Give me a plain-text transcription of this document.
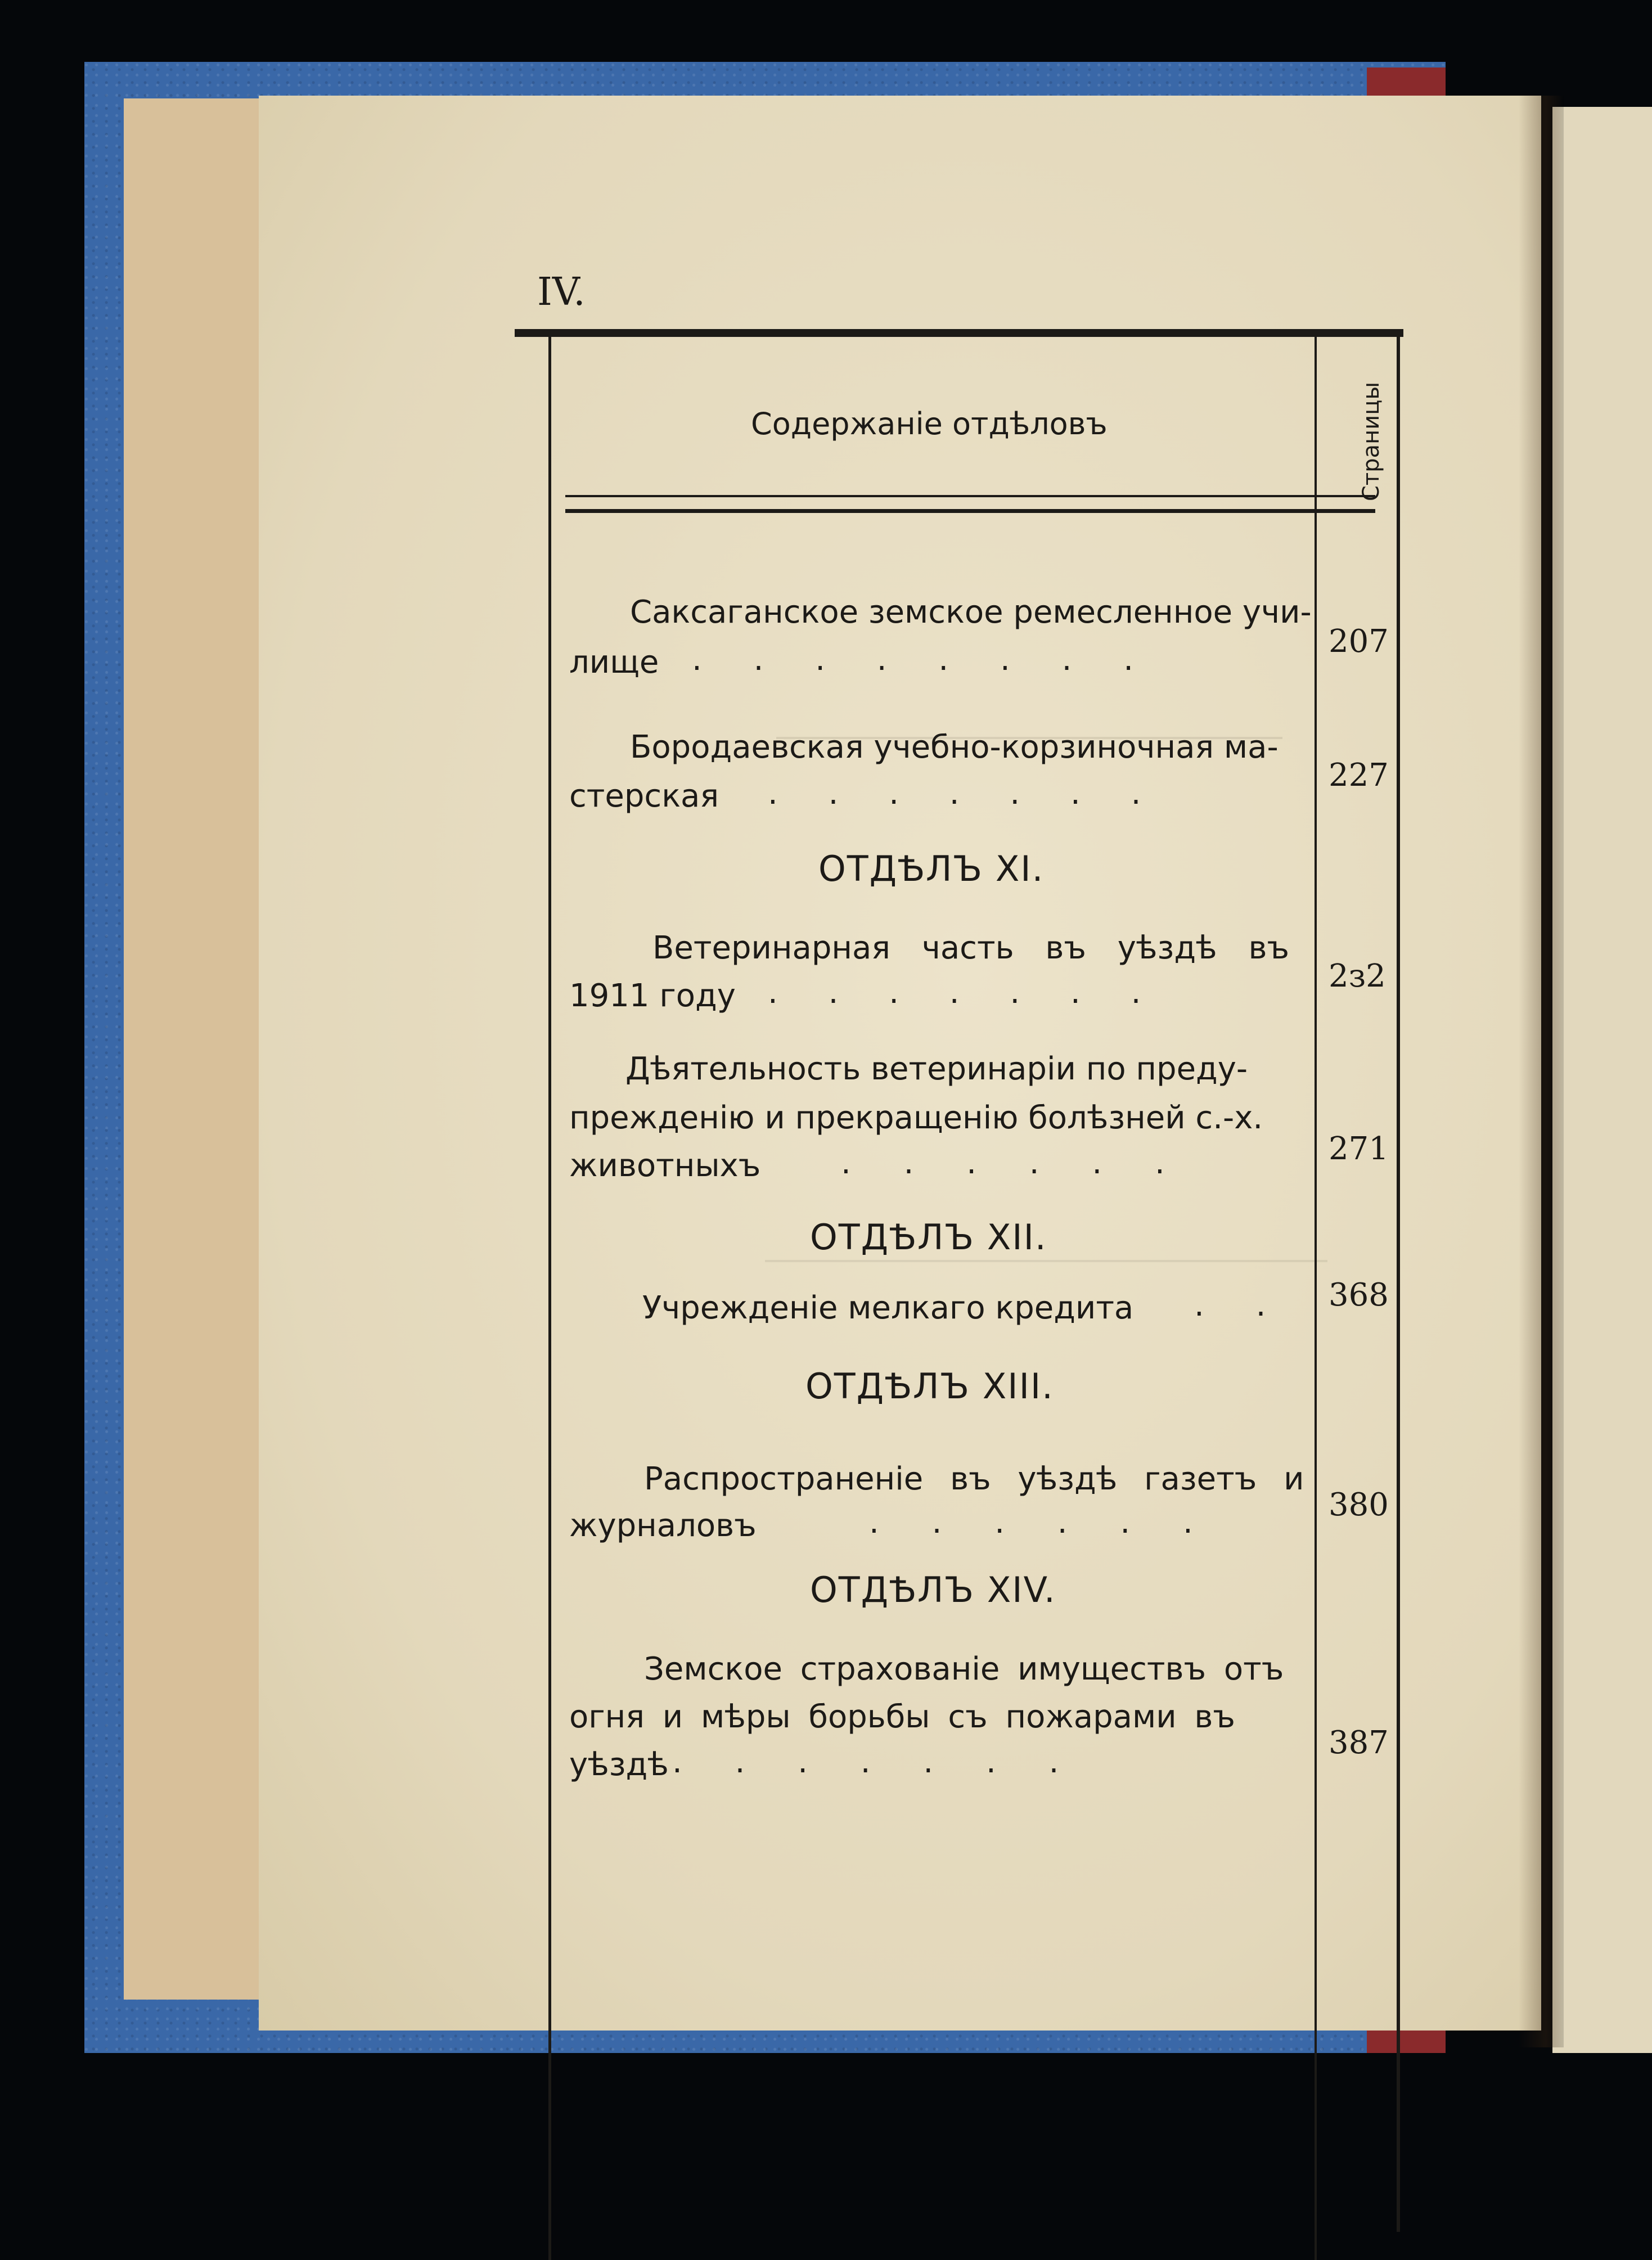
IV.
Содержанiе отдѣловъ	Страницы
Саксаганское земское ремесленное учи-
лище . . . . . . . .	207
Бородаевская учебно-корзиночная ма-
стерская . . . . . . .	227
ОТДѢЛЪ XI.
Ветеринарная часть въ уѣздѣ въ
1911 году . . . . . . .	2з2
Дѣятельность ветеринарiи по преду-
прежденiю и прекращенiю болѣзней с.-х.
животныхъ	. . . . . .	271
ОТДѢЛЪ XII.
Учрежденiе мелкаго кредита . . 368
ОТДѢЛЪ XIII.
Распространенiе въ уѣздѣ газетъ и
журналовъ	. . . . . .	380
ОТДѢЛЪ XIV.
Земское страхованiе имуществъ отъ
огня и мѣры борьбы съ пожарами въ
уѣздѣ . . . . . . .
387
